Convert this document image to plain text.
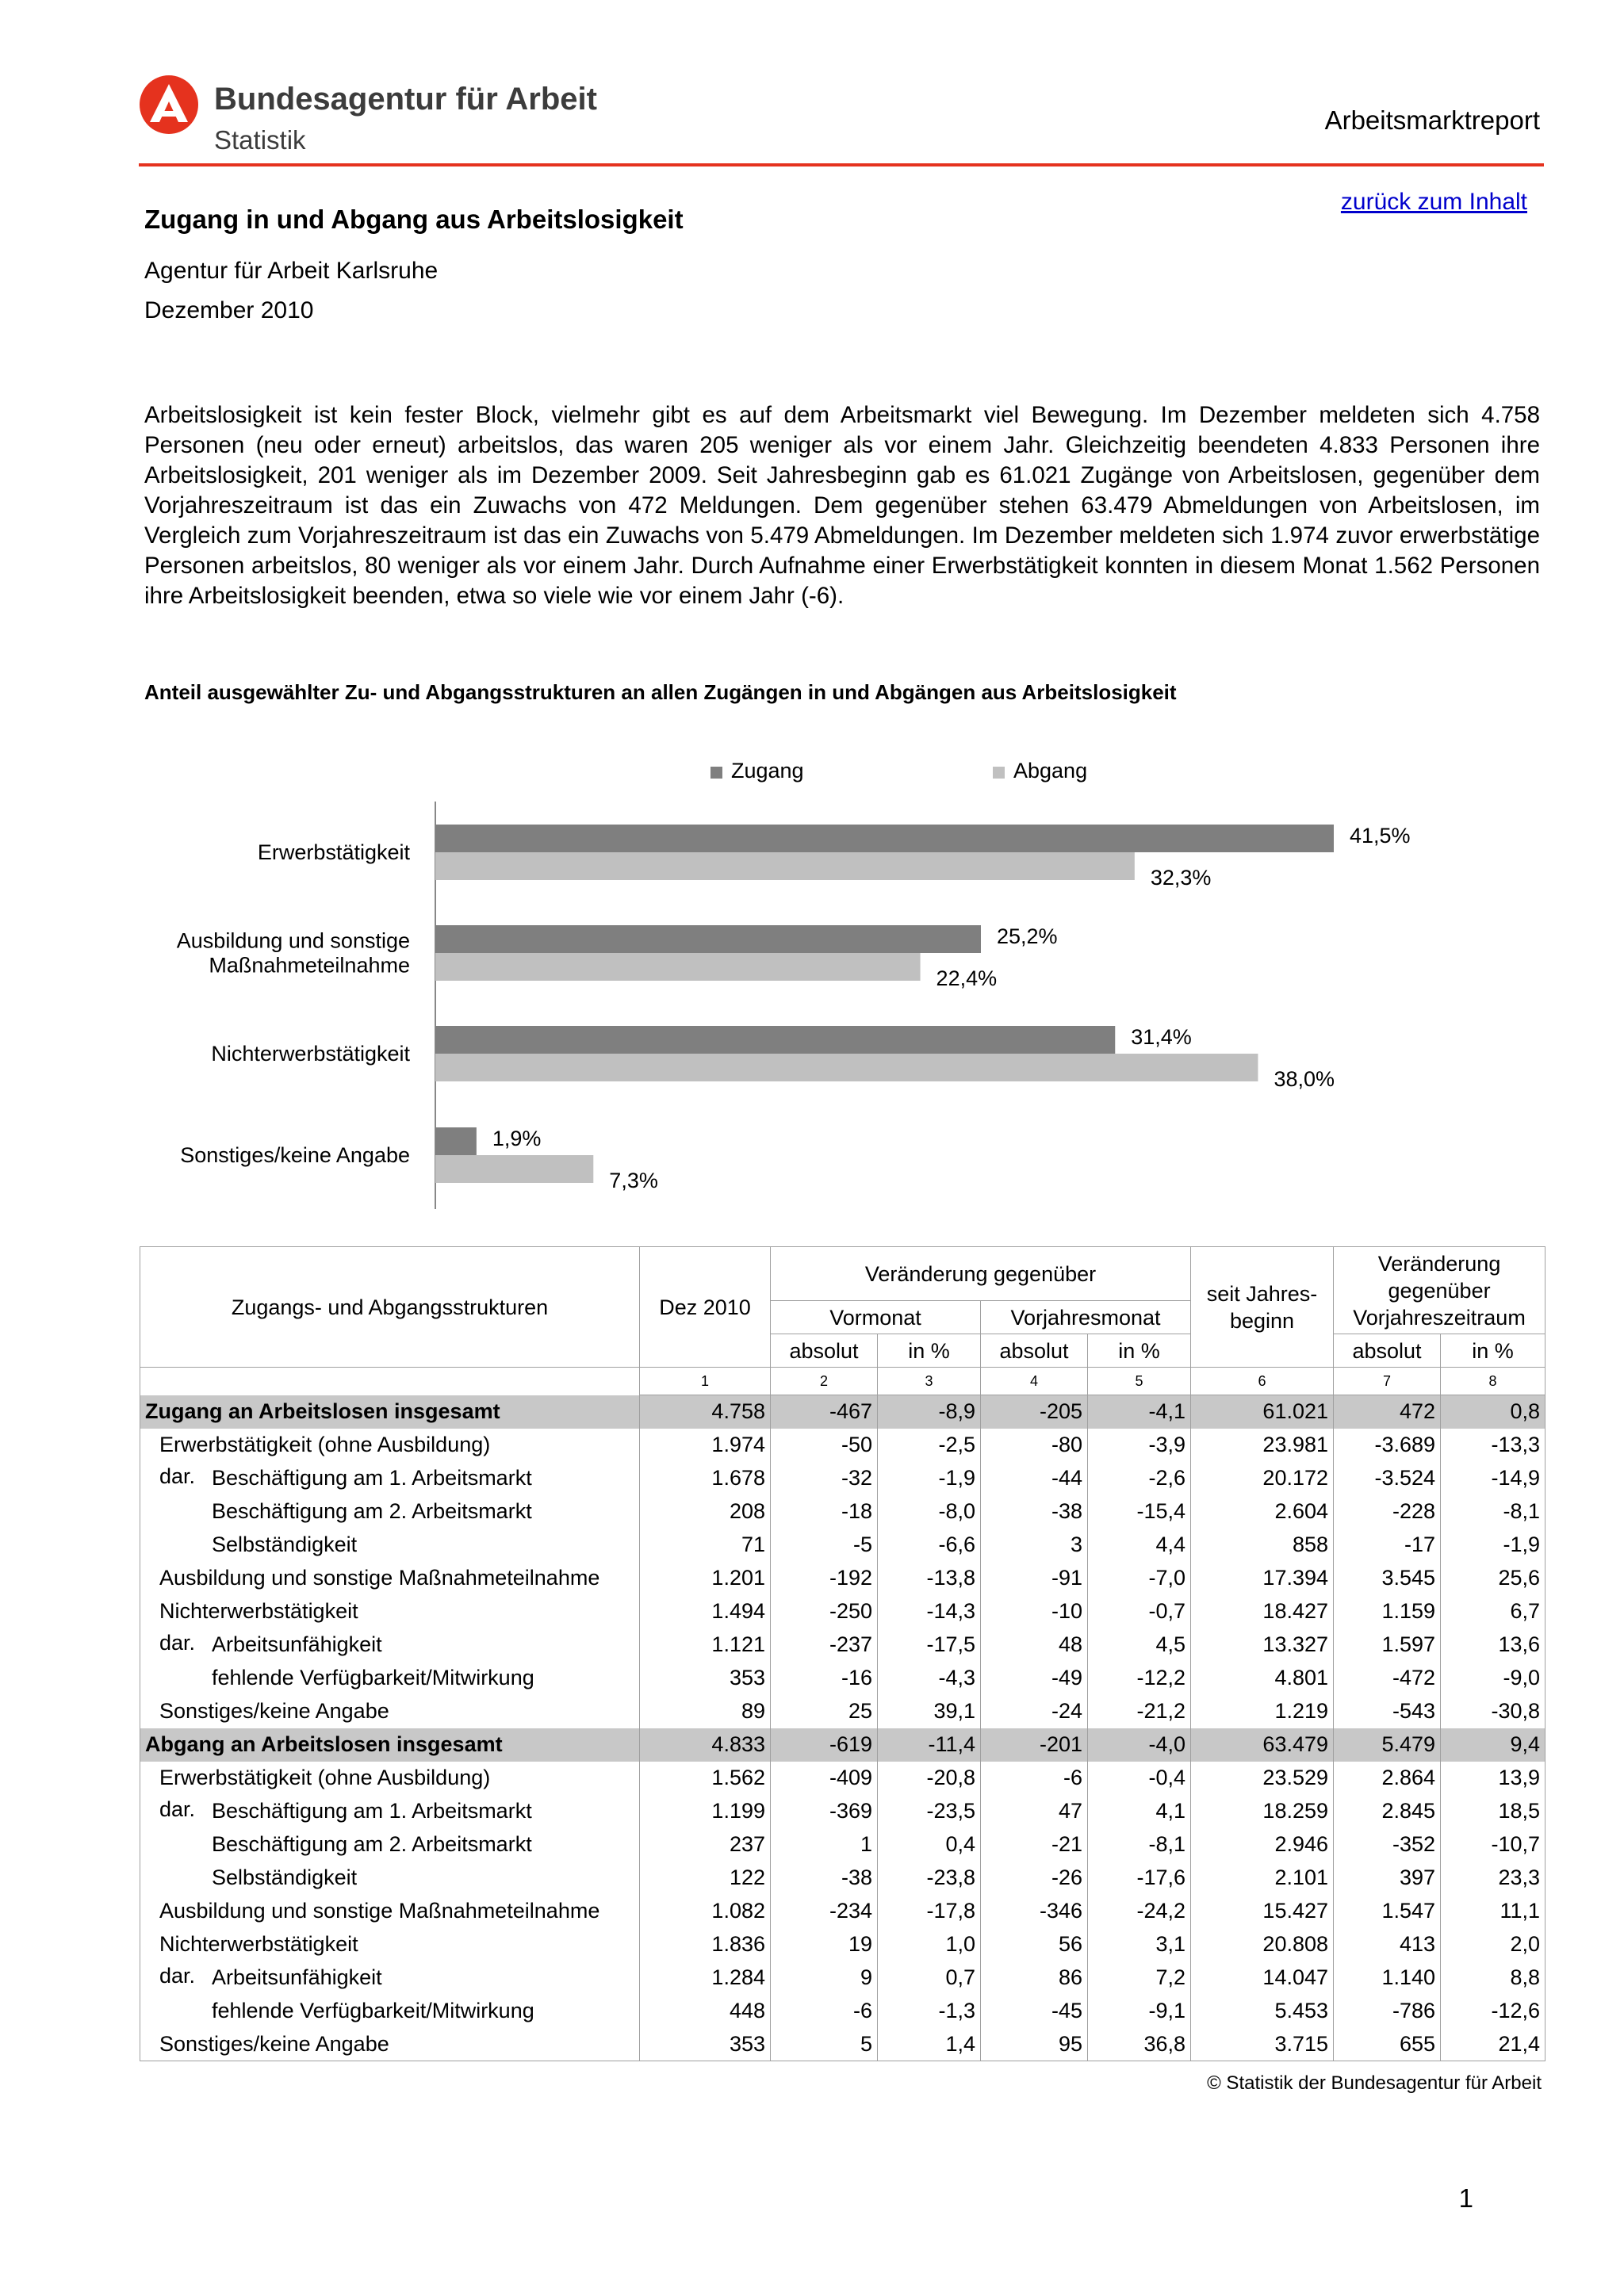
Bundesagentur für Arbeit
Statistik
Arbeitsmarktreport
zurück zum Inhalt
Zugang in und Abgang aus Arbeitslosigkeit
Agentur für Arbeit Karlsruhe
Dezember 2010
Arbeitslosigkeit ist kein fester Block, vielmehr gibt es auf dem Arbeitsmarkt viel Bewegung. Im Dezember meldeten sich 4.758 Personen (neu oder erneut) arbeitslos, das waren 205 weniger als vor einem Jahr. Gleichzeitig beendeten 4.833 Personen ihre Arbeitslosigkeit, 201 weniger als im Dezember 2009. Seit Jahresbeginn gab es 61.021 Zugänge von Arbeitslosen, gegenüber dem Vorjahreszeitraum ist das ein Zuwachs von 472 Meldungen. Dem gegenüber stehen 63.479 Abmeldungen von Arbeitslosen, im Vergleich zum Vorjahreszeitraum ist das ein Zuwachs von 5.479 Abmeldungen. Im Dezember meldeten sich 1.974 zuvor erwerbstätige Personen arbeitslos, 80 weniger als vor einem Jahr. Durch Aufnahme einer Erwerbstätigkeit konnten in diesem Monat 1.562 Personen ihre Arbeitslosigkeit beenden, etwa so viele wie vor einem Jahr (-6).
Anteil ausgewählter Zu- und Abgangsstrukturen an allen Zugängen in und Abgängen aus Arbeitslosigkeit
Zugang	Abgang
Erwerbstätigkeit
41,5%
32,3%
Ausbildung und sonstige
Maßnahmeteilnahme
25,2%
22,4%
Nichterwerbstätigkeit
31,4%
38,0%
Sonstiges/keine Angabe
1,9%
7,3%
Zugangs- und Abgangsstrukturen	Dez 2010	Veränderung gegenüber				seit Jahres-beginn	Veränderung gegenüber Vorjahreszeitraum	
		Vormonat		Vorjahresmonat				
		absolut	in %	absolut	in %		absolut	in %
	1	2	3	4	5	6	7	8
Zugang an Arbeitslosen insgesamt	4.758	-467	-8,9	-205	-4,1	61.021	472	0,8
Erwerbstätigkeit (ohne Ausbildung)	1.974	-50	-2,5	-80	-3,9	23.981	-3.689	-13,3

dar. Beschäftigung am 1. Arbeitsmarkt	1.678	-32	-1,9	-44	-2,6	20.172	-3.524	-14,9
Beschäftigung am 2. Arbeitsmarkt	208	-18	-8,0	-38	-15,4	2.604	-228	-8,1
Selbständigkeit	71	-5	-6,6	3	4,4	858	-17	-1,9
Ausbildung und sonstige Maßnahmeteilnahme	1.201	-192	-13,8	-91	-7,0	17.394	3.545	25,6
Nichterwerbstätigkeit	1.494	-250	-14,3	-10	-0,7	18.427	1.159	6,7

dar. Arbeitsunfähigkeit	1.121	-237	-17,5	48	4,5	13.327	1.597	13,6
fehlende Verfügbarkeit/Mitwirkung	353	-16	-4,3	-49	-12,2	4.801	-472	-9,0
Sonstiges/keine Angabe	89	25	39,1	-24	-21,2	1.219	-543	-30,8
Abgang an Arbeitslosen insgesamt	4.833	-619	-11,4	-201	-4,0	63.479	5.479	9,4
Erwerbstätigkeit (ohne Ausbildung)	1.562	-409	-20,8	-6	-0,4	23.529	2.864	13,9

dar. Beschäftigung am 1. Arbeitsmarkt	1.199	-369	-23,5	47	4,1	18.259	2.845	18,5
Beschäftigung am 2. Arbeitsmarkt	237	1	0,4	-21	-8,1	2.946	-352	-10,7
Selbständigkeit	122	-38	-23,8	-26	-17,6	2.101	397	23,3
Ausbildung und sonstige Maßnahmeteilnahme	1.082	-234	-17,8	-346	-24,2	15.427	1.547	11,1
Nichterwerbstätigkeit	1.836	19	1,0	56	3,1	20.808	413	2,0

dar. Arbeitsunfähigkeit	1.284	9	0,7	86	7,2	14.047	1.140	8,8
fehlende Verfügbarkeit/Mitwirkung	448	-6	-1,3	-45	-9,1	5.453	-786	-12,6
Sonstiges/keine Angabe	353	5	1,4	95	36,8	3.715	655	21,4
© Statistik der Bundesagentur für Arbeit
1
